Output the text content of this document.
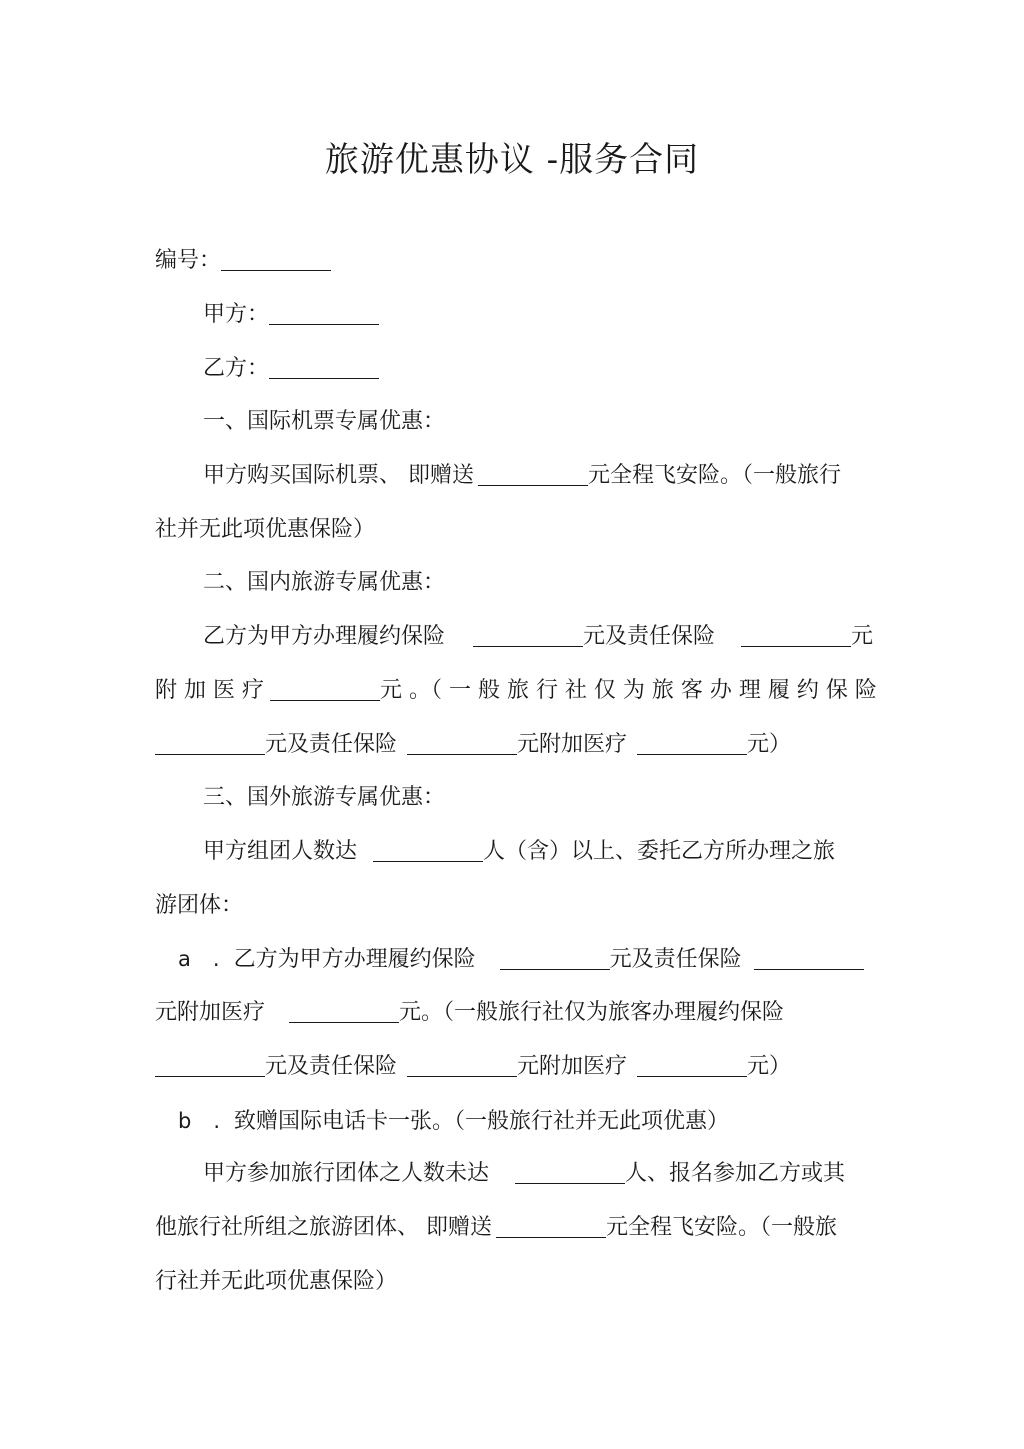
旅游优惠协议 -服务合同
编号：
甲方：
乙方：
一、国际机票专属优惠：
甲方购买国际机票、 即赠送	元全程飞安险。（一般旅行
社并无此项优惠保险）
二、国内旅游专属优惠：
乙方为甲方办理履约保险	元及责任保险	元
附 加 医 疗	元 。（ 一 般 旅 行 社 仅 为 旅 客 办 理 履 约 保 险
元及责任保险	元附加医疗	元）
三、国外旅游专属优惠：
甲方组团人数达	人（含）以上、委托乙方所办理之旅
游团体：
a . 乙方为甲方办理履约保险	元及责任保险
元附加医疗	元。（一般旅行社仅为旅客办理履约保险
元及责任保险	元附加医疗	元）
b . 致赠国际电话卡一张。（一般旅行社并无此项优惠）
甲方参加旅行团体之人数未达	人、报名参加乙方或其
他旅行社所组之旅游团体、 即赠送	元全程飞安险。（一般旅
行社并无此项优惠保险）
